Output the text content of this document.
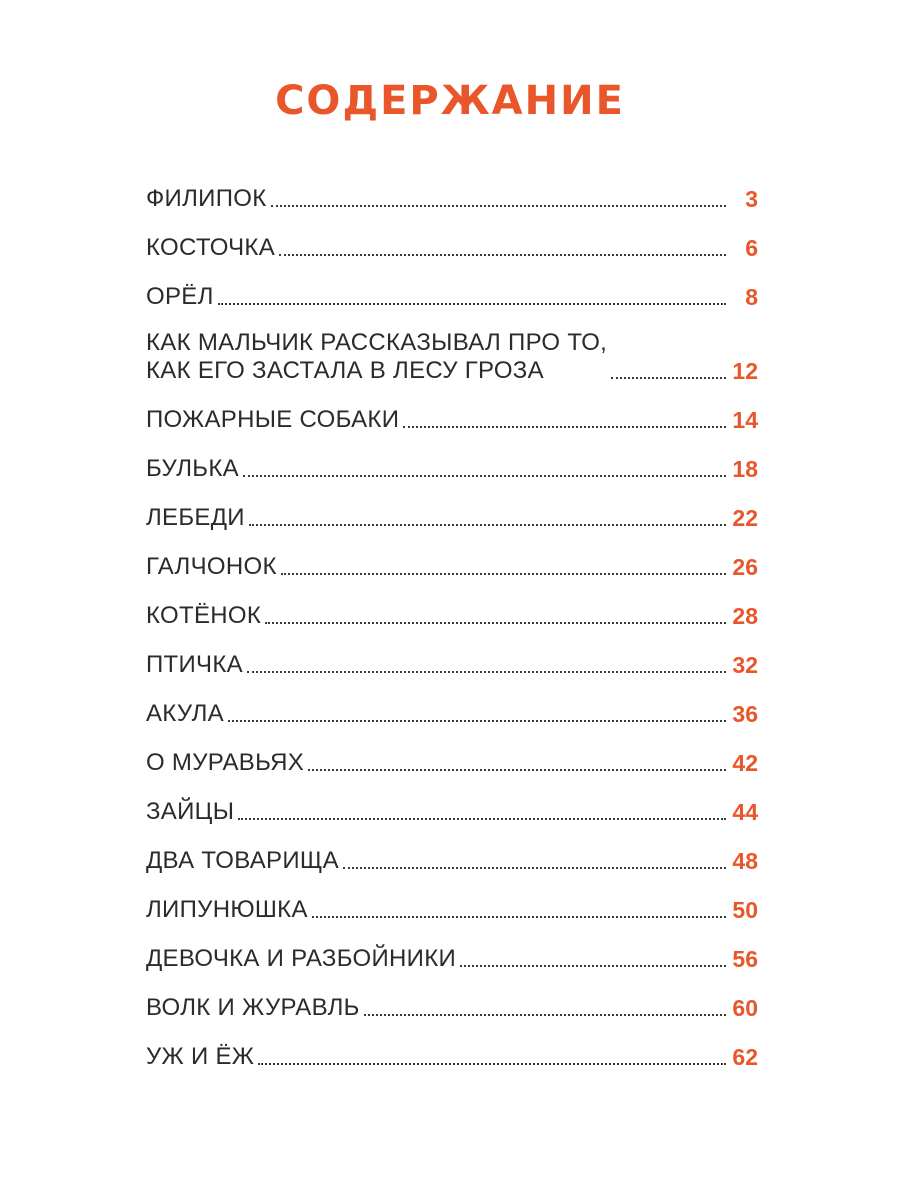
СОДЕРЖАНИЕ
ФИЛИПОК	3
КОСТОЧКА	6
ОРЁЛ	8
КАК МАЛЬЧИК РАССКАЗЫВАЛ ПРО ТО,
КАК ЕГО ЗАСТАЛА В ЛЕСУ ГРОЗА	12
ПОЖАРНЫЕ СОБАКИ	14
БУЛЬКА	18
ЛЕБЕДИ	22
ГАЛЧОНОК	26
КОТЁНОК	28
ПТИЧКА	32
АКУЛА	36
О МУРАВЬЯХ	42
ЗАЙЦЫ	44
ДВА ТОВАРИЩА	48
ЛИПУНЮШКА	50
ДЕВОЧКА И РАЗБОЙНИКИ	56
ВОЛК И ЖУРАВЛЬ	60
УЖ И ЁЖ	62
